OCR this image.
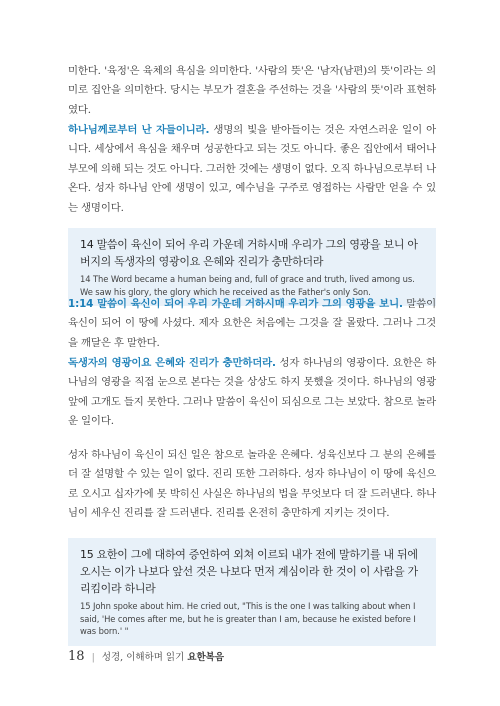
미한다. '육정'은 육체의 욕심을 의미한다. '사람의 뜻'은 '남자(남편)의 뜻'이라는 의미로 집안을 의미한다. 당시는 부모가 결혼을 주선하는 것을 '사람의 뜻'이라 표현하였다.

하나님께로부터 난 자들이니라. 생명의 빛을 받아들이는 것은 자연스러운 일이 아니다. 세상에서 욕심을 채우며 성공한다고 되는 것도 아니다. 좋은 집안에서 태어나 부모에 의해 되는 것도 아니다. 그러한 것에는 생명이 없다. 오직 하나님으로부터 나온다. 성자 하나님 안에 생명이 있고, 예수님을 구주로 영접하는 사람만 얻을 수 있는 생명이다.

14 말씀이 육신이 되어 우리 가운데 거하시매 우리가 그의 영광을 보니 아버지의 독생자의 영광이요 은혜와 진리가 충만하더라

14 The Word became a human being and, full of grace and truth, lived among us. We saw his glory, the glory which he received as the Father's only Son.

1:14 말씀이 육신이 되어 우리 가운데 거하시매 우리가 그의 영광을 보니. 말씀이 육신이 되어 이 땅에 사셨다. 제자 요한은 처음에는 그것을 잘 몰랐다. 그러나 그것을 깨달은 후 말한다.

독생자의 영광이요 은혜와 진리가 충만하더라. 성자 하나님의 영광이다. 요한은 하나님의 영광을 직접 눈으로 본다는 것을 상상도 하지 못했을 것이다. 하나님의 영광 앞에 고개도 들지 못한다. 그러나 말씀이 육신이 되심으로 그는 보았다. 참으로 놀라운 일이다.

성자 하나님이 육신이 되신 일은 참으로 놀라운 은혜다. 성육신보다 그 분의 은혜를 더 잘 설명할 수 있는 일이 없다. 진리 또한 그러하다. 성자 하나님이 이 땅에 육신으로 오시고 십자가에 못 박히신 사실은 하나님의 법을 무엇보다 더 잘 드러낸다. 하나님이 세우신 진리를 잘 드러낸다. 진리를 온전히 충만하게 지키는 것이다.

15 요한이 그에 대하여 증언하여 외쳐 이르되 내가 전에 말하기를 내 뒤에 오시는 이가 나보다 앞선 것은 나보다 먼저 계심이라 한 것이 이 사람을 가리킴이라 하니라

15 John spoke about him. He cried out, "This is the one I was talking about when I said, 'He comes after me, but he is greater than I am, because he existed before I was born.' "

18 | 성경, 이해하며 읽기 요한복음
